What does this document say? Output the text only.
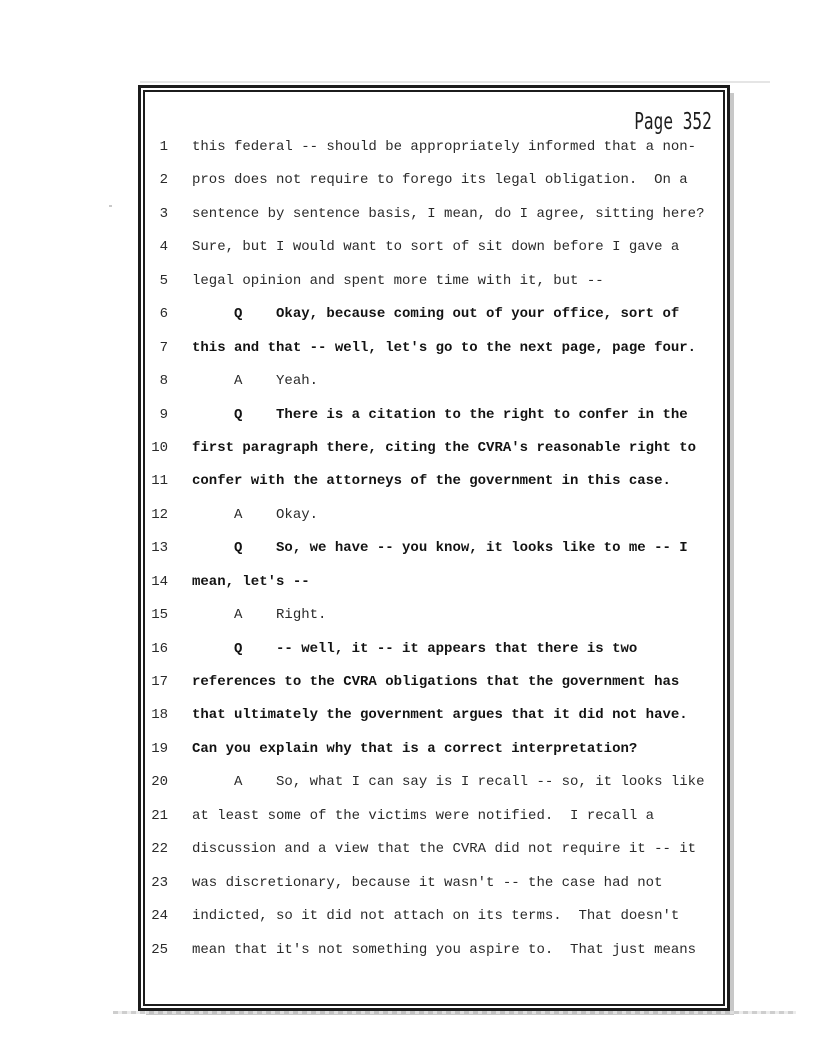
Page 352
1 this federal -- should be appropriately informed that a non-
2 pros does not require to forego its legal obligation.  On a
3 sentence by sentence basis, I mean, do I agree, sitting here?
4 Sure, but I would want to sort of sit down before I gave a
5 legal opinion and spent more time with it, but --
6 Q    Okay, because coming out of your office, sort of
7 this and that -- well, let's go to the next page, page four.
8 A    Yeah.
9 Q    There is a citation to the right to confer in the
10 first paragraph there, citing the CVRA's reasonable right to
11 confer with the attorneys of the government in this case.
12 A    Okay.
13 Q    So, we have -- you know, it looks like to me -- I
14 mean, let's --
15 A    Right.
16 Q    -- well, it -- it appears that there is two
17 references to the CVRA obligations that the government has
18 that ultimately the government argues that it did not have.
19 Can you explain why that is a correct interpretation?
20 A    So, what I can say is I recall -- so, it looks like
21 at least some of the victims were notified.  I recall a
22 discussion and a view that the CVRA did not require it -- it
23 was discretionary, because it wasn't -- the case had not
24 indicted, so it did not attach on its terms.  That doesn't
25 mean that it's not something you aspire to.  That just means
